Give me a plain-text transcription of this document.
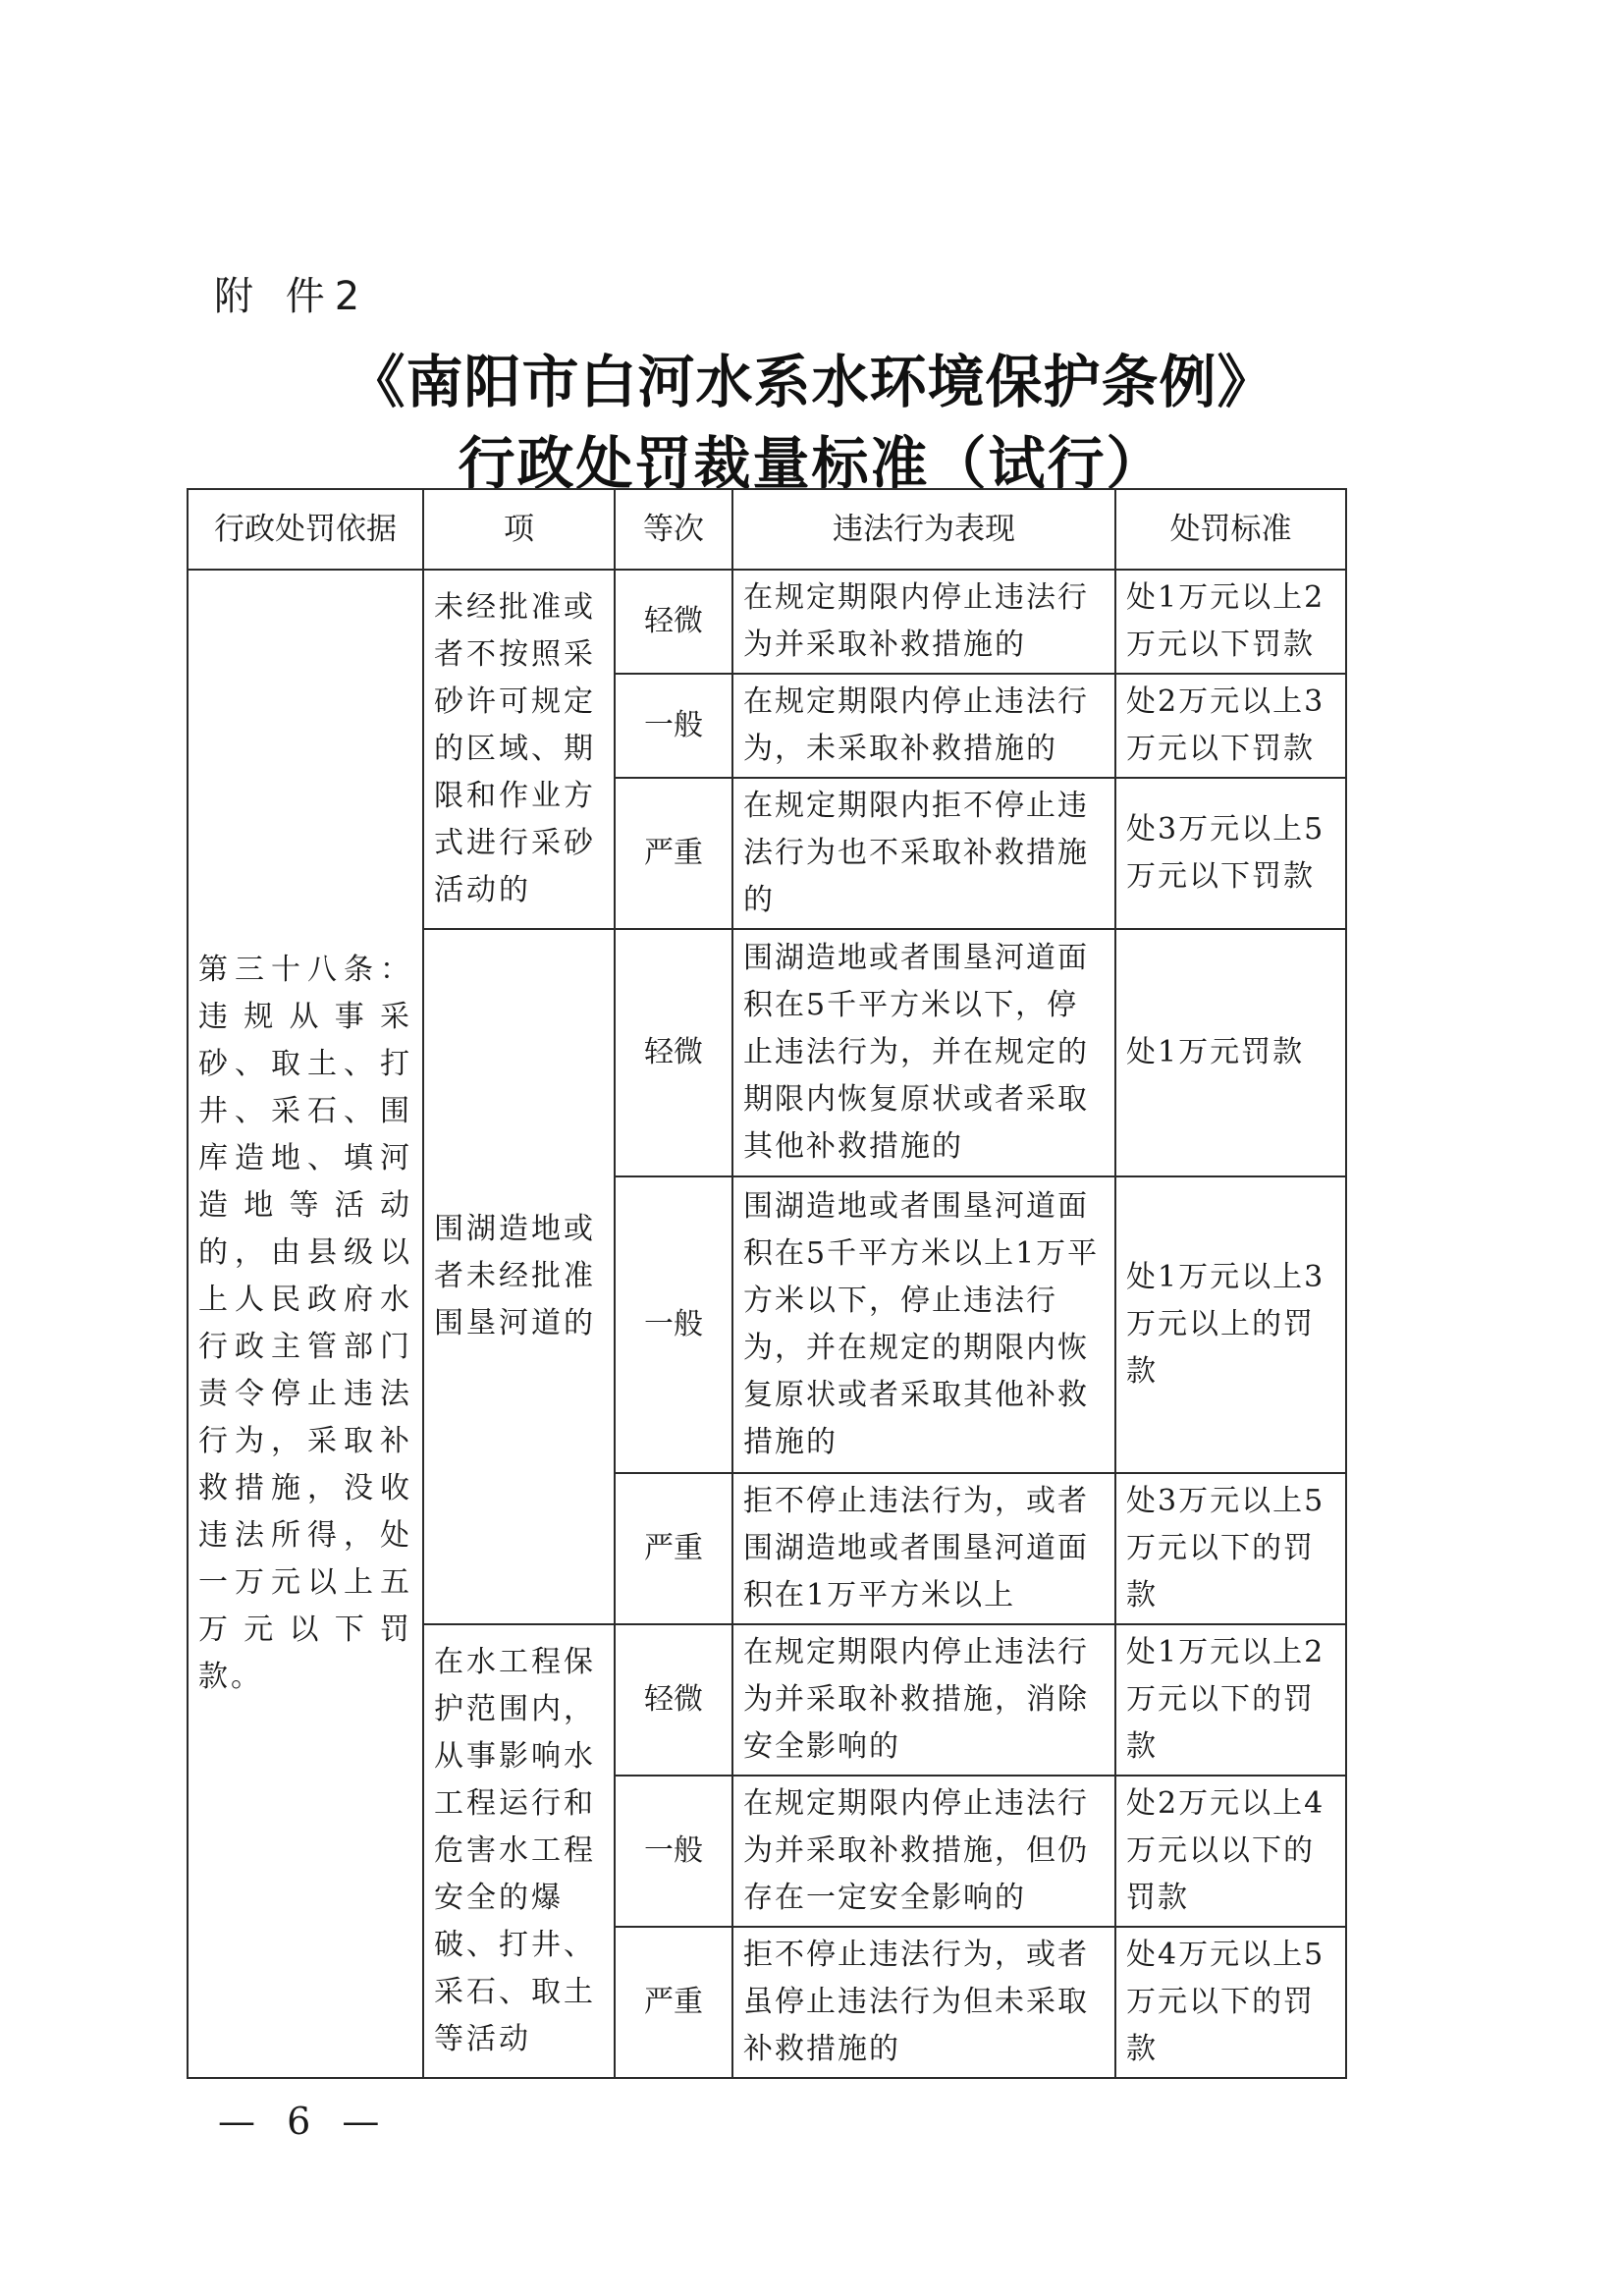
附 件2
《南阳市白河水系水环境保护条例》
行政处罚裁量标准（试行）
行政处罚依据	项	等次	违法行为表现	处罚标准

第三十八条：违规从事采砂、取土、打井、采石、围库造地、填河造地等活动的，由县级以上人民政府水行政主管部门责令停止违法行为，采取补救措施，没收违法所得，处一万元以上五万元以下罚款。	未经批准或者不按照采砂许可规定的区域、期限和作业方式进行采砂活动的	轻微	在规定期限内停止违法行为并采取补救措施的	处1万元以上2万元以下罚款
		一般	在规定期限内停止违法行为，未采取补救措施的	处2万元以上3万元以下罚款
		严重	在规定期限内拒不停止违法行为也不采取补救措施的	处3万元以上5万元以下罚款
	围湖造地或者未经批准围垦河道的	轻微	围湖造地或者围垦河道面积在5千平方米以下，停止违法行为，并在规定的期限内恢复原状或者采取其他补救措施的	处1万元罚款
		一般	围湖造地或者围垦河道面积在5千平方米以上1万平方米以下，停止违法行为，并在规定的期限内恢复原状或者采取其他补救措施的	处1万元以上3万元以上的罚款
		严重	拒不停止违法行为，或者围湖造地或者围垦河道面积在1万平方米以上	处3万元以上5万元以下的罚款
	在水工程保护范围内，从事影响水工程运行和危害水工程安全的爆破、打井、采石、取土等活动	轻微	在规定期限内停止违法行为并采取补救措施，消除安全影响的	处1万元以上2万元以下的罚款
		一般	在规定期限内停止违法行为并采取补救措施，但仍存在一定安全影响的	处2万元以上4万元以以下的罚款
		严重	拒不停止违法行为，或者虽停止违法行为但未采取补救措施的	处4万元以上5万元以下的罚款
— 6 —
